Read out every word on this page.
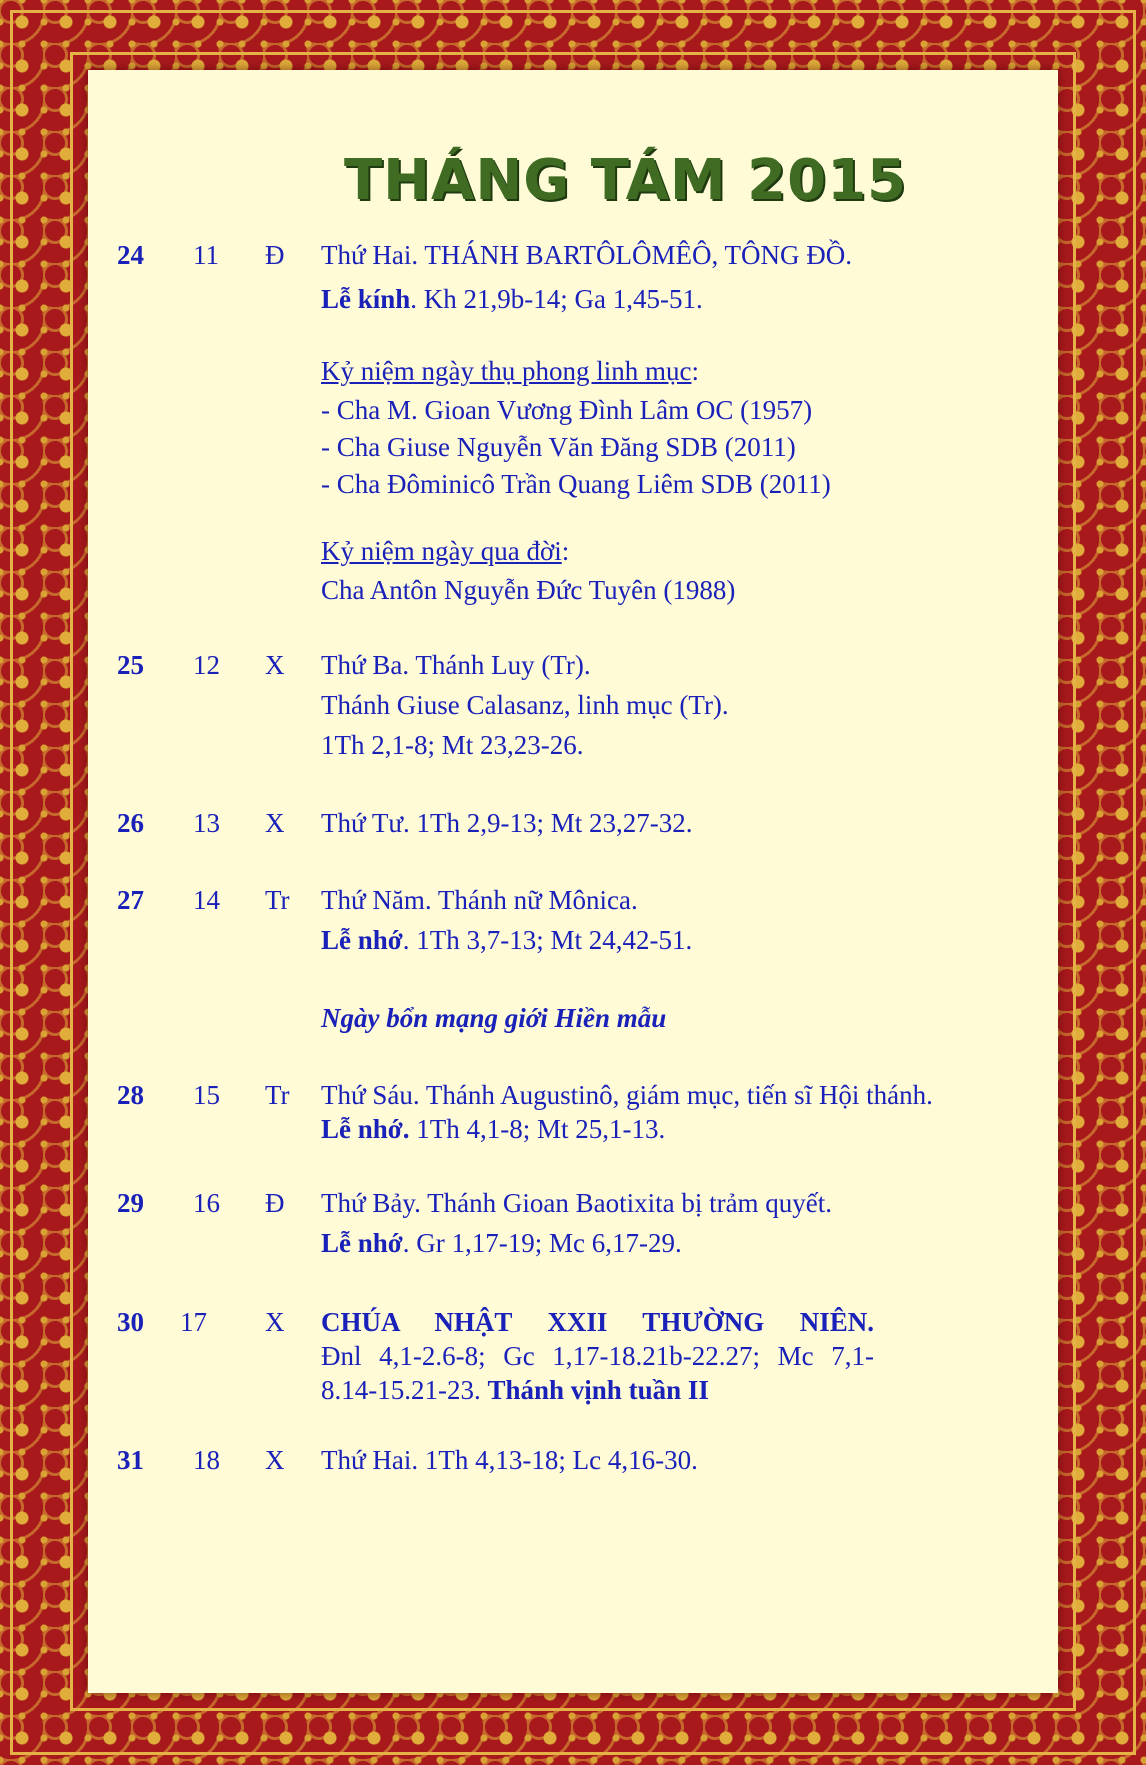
THÁNG TÁM 2015
24 11 Đ Thứ Hai. THÁNH BARTÔLÔMÊÔ, TÔNG ĐỒ.
Lễ kính. Kh 21,9b-14; Ga 1,45-51.
Kỷ niệm ngày thụ phong linh mục:
- Cha M. Gioan Vương Đình Lâm OC (1957)
- Cha Giuse Nguyễn Văn Đăng SDB (2011)
- Cha Đôminicô Trần Quang Liêm SDB (2011)
Kỷ niệm ngày qua đời:
Cha Antôn Nguyễn Đức Tuyên (1988)
25 12 X Thứ Ba. Thánh Luy (Tr).
Thánh Giuse Calasanz, linh mục (Tr).
1Th 2,1-8; Mt 23,23-26.
26 13 X Thứ Tư. 1Th 2,9-13; Mt 23,27-32.
27 14 Tr Thứ Năm. Thánh nữ Mônica.
Lễ nhớ. 1Th 3,7-13; Mt 24,42-51.
Ngày bổn mạng giới Hiền mẫu
28 15 Tr Thứ Sáu. Thánh Augustinô, giám mục, tiến sĩ Hội thánh.
Lễ nhớ. 1Th 4,1-8; Mt 25,1-13.
29 16 Đ Thứ Bảy. Thánh Gioan Baotixita bị trảm quyết.
Lễ nhớ. Gr 1,17-19; Mc 6,17-29.
30 17 X CHÚA NHẬT XXII THƯỜNG NIÊN.
Đnl 4,1-2.6-8; Gc 1,17-18.21b-22.27; Mc 7,1-
8.14-15.21-23. Thánh vịnh tuần II
31 18 X Thứ Hai. 1Th 4,13-18; Lc 4,16-30.
